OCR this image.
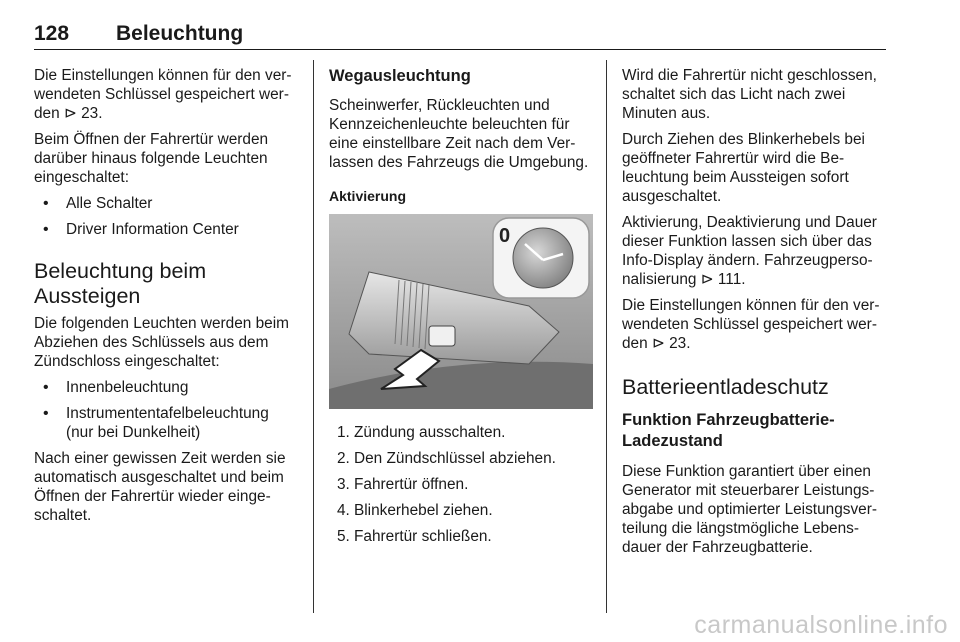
128 Beleuchtung

Die Einstellungen können für den verwendeten Schlüssel gespeichert werden ⊳ 23.

Beim Öffnen der Fahrertür werden darüber hinaus folgende Leuchten eingeschaltet:

• Alle Schalter
• Driver Information Center
Beleuchtung beim Aussteigen

Die folgenden Leuchten werden beim Abziehen des Schlüssels aus dem Zündschloss eingeschaltet:

• Innenbeleuchtung
• Instrumententafelbeleuchtung (nur bei Dunkelheit)

Nach einer gewissen Zeit werden sie automatisch ausgeschaltet und beim Öffnen der Fahrertür wieder eingeschaltet.

Wegausleuchtung

Scheinwerfer, Rückleuchten und Kennzeichenleuchte beleuchten für eine einstellbare Zeit nach dem Verlassen des Fahrzeugs die Umgebung.

Aktivierung
0
1. Zündung ausschalten.
2. Den Zündschlüssel abziehen.
3. Fahrertür öffnen.
4. Blinkerhebel ziehen.
5. Fahrertür schließen.

Wird die Fahrertür nicht geschlossen, schaltet sich das Licht nach zwei Minuten aus.

Durch Ziehen des Blinkerhebels bei geöffneter Fahrertür wird die Beleuchtung beim Aussteigen sofort ausgeschaltet.

Aktivierung, Deaktivierung und Dauer dieser Funktion lassen sich über das Info-Display ändern. Fahrzeugpersonalisierung ⊳ 111.

Die Einstellungen können für den verwendeten Schlüssel gespeichert werden ⊳ 23.

Batterieentladeschutz
Funktion Fahrzeugbatterie-Ladezustand

Diese Funktion garantiert über einen Generator mit steuerbarer Leistungsabgabe und optimierter Leistungsverteilung die längstmögliche Lebensdauer der Fahrzeugbatterie.

carmanualsonline.info
